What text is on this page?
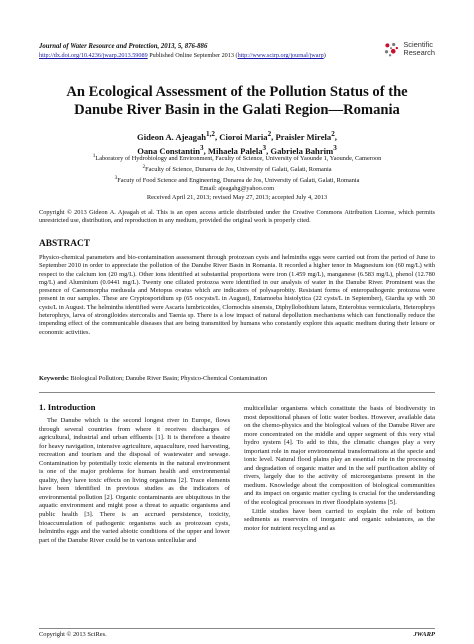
Journal of Water Resource and Protection, 2013, 5, 876-886
http://dx.doi.org/10.4236/jwarp.2013.59089 Published Online September 2013 (http://www.scirp.org/journal/jwarp)
Scientific
Research
An Ecological Assessment of the Pollution Status of the
Danube River Basin in the Galati Region—Romania
Gideon A. Ajeagah$^{1,2}$, Cioroi Maria$^2$, Praisler Mirela$^2$,
Oana Constantin$^3$, Mihaela Palela$^3$, Gabriela Bahrim$^3$
$^1$Laboratory of Hydrobiology and Environment, Faculty of Science, University of Yaounde 1, Yaounde, Cameroon
$^2$Faculty of Science, Dunarea de Jos, University of Galati, Galati, Romania
$^3$Facuty of Food Science and Engineering, Dunarea de Jos, University of Galati, Galati, Romania
Email: ajeagahg@yahoo.com
Received April 21, 2013; revised May 27, 2013; accepted July 4, 2013
Copyright © 2013 Gideon A. Ajeagah et al. This is an open access article distributed under the Creative Commons Attribution License, which permits unrestricted use, distribution, and reproduction in any medium, provided the original work is properly cited.
ABSTRACT
Physico-chemical parameters and bio-contamination assessment through protozoan cysts and helminths eggs were carried out from the period of June to September 2010 in order to appreciate the pollution of the Danube River Basin in Romania. It recorded a higher tenor in Magnesium ion (60 mg/L) with respect to the calcium ion (20 mg/L). Other ions identified at substantial proportions were iron (1.459 mg/L), manganese (6.583 mg/L), phenol (12.780 mg/L) and Aluminium (0.0441 mg/L). Twenty one ciliated protozoa were identified in our analysis of water in the Danube River. Prominent was the presence of Caenomorpha medusula and Metopus ovatus which are indicators of polysaprobity. Resistant forms of enteropathogenic protozoa were present in our samples. These are Cryptosporidium sp (65 oocysts/L in August), Entamoeba histolytica (22 cysts/L in September), Giardia sp with 30 cysts/L in August. The helminths identified were Ascaris lumbricoides, Clornochis sinensis, Diphyllobothium latum, Enterobius vermicularis, Heterophrys heterophrys, larva of strongiloides stercoralis and Taenia sp. There is a low impact of natural depollution mechanisms which can functionally reduce the impending effect of the communicable diseases that are being transmitted by humans who constantly explore this aquatic medium during their leisure or economic activities.
Keywords: Biological Pollution; Danube River Basin; Physico-Chemical Contamination
1. Introduction
The Danube which is the second longest river in Europe, flows through several countries from where it receives discharges of agricultural, industrial and urban effluents [1]. It is therefore a theatre for heavy navigation, intensive agriculture, aquaculture, reed harvesting, recreation and tourism and the disposal of wastewater and sewage. Contamination by potentially toxic elements in the natural environment is one of the major problems for human health and environmental quality, they have toxic effects on living organisms [2]. Trace elements have been identified in previous studies as the indicators of environmental pollution [2]. Organic contaminants are ubiquitous in the aquatic environment and might pose a threat to aquatic organisms and public health [3]. There is an accrued persistence, toxicity, bioaccumulation of pathogenic organisms such as protozoan cysts, helminths eggs and the varied abiotic conditions of the upper and lower part of the Danube River could be in various unicellular and

multicellular organisms which constitute the basis of biodiversity in most depositional phases of lotic water bodies. However, available data on the chemo-physics and the biological values of the Danube River are more concentrated on the middle and upper segment of this very vital hydro system [4]. To add to this, the climatic changes play a very important role in major environmental transformations at the specie and ionic level. Natural flood plains play an essential role in the processing and degradation of organic matter and in the self purification ability of rivers, largely due to the activity of microorganisms present in the medium. Knowledge about the composition of biological communities and its impact on organic matter cycling is crucial for the understanding of the ecological processes in river floodplain systems [5].

Little studies have been carried to explain the role of bottom sediments as reservoirs of inorganic and organic substances, as the motor for nutrient recycling and as

Copyright © 2013 SciRes.	JWARP
